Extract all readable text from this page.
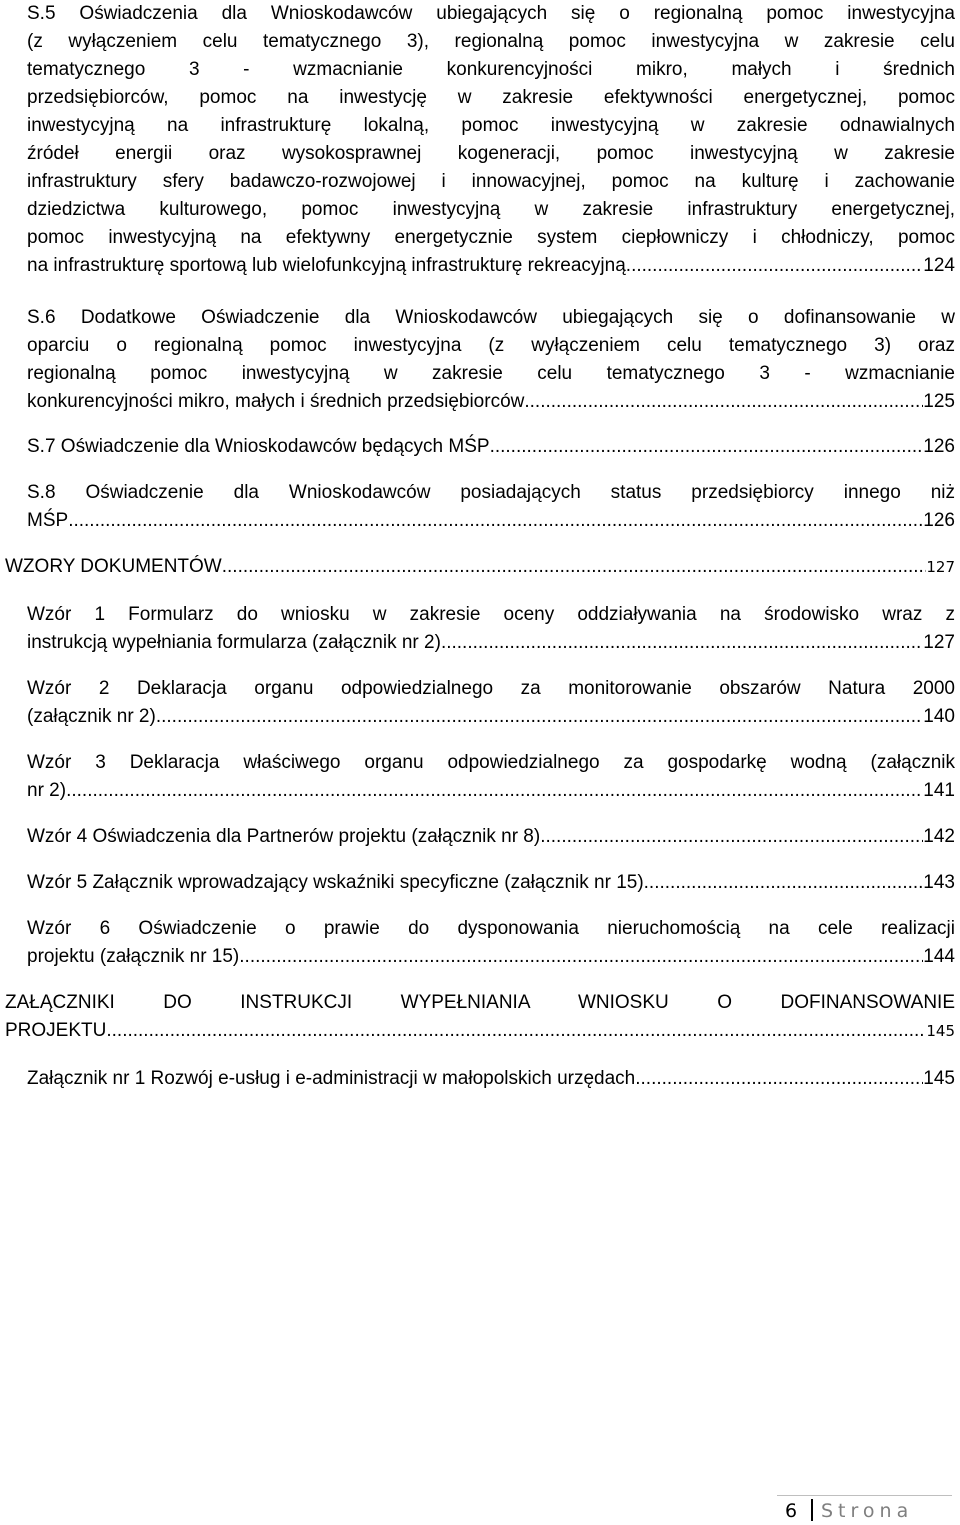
S.5 Oświadczenia dla Wnioskodawców ubiegających się o regionalną pomoc inwestycyjna
(z wyłączeniem celu tematycznego 3), regionalną pomoc inwestycyjna w zakresie celu
tematycznego 3 - wzmacnianie konkurencyjności mikro, małych i średnich
przedsiębiorców, pomoc na inwestycję w zakresie efektywności energetycznej, pomoc
inwestycyjną na infrastrukturę lokalną, pomoc inwestycyjną w zakresie odnawialnych
źródeł energii oraz wysokosprawnej kogeneracji, pomoc inwestycyjną w zakresie
infrastruktury sfery badawczo-rozwojowej i innowacyjnej, pomoc na kulturę i zachowanie
dziedzictwa kulturowego, pomoc inwestycyjną w zakresie infrastruktury energetycznej,
pomoc inwestycyjną na efektywny energetycznie system ciepłowniczy i chłodniczy, pomoc
na infrastrukturę sportową lub wielofunkcyjną infrastrukturę rekreacyjną. .....	124
S.6 Dodatkowe Oświadczenie dla Wnioskodawców ubiegających się o dofinansowanie w
oparciu o regionalną pomoc inwestycyjna (z wyłączeniem celu tematycznego 3) oraz
regionalną pomoc inwestycyjną w zakresie celu tematycznego 3 - wzmacnianie
konkurencyjności mikro, małych i średnich przedsiębiorców .....	125
S.7 Oświadczenie dla Wnioskodawców będących MŚP .....	126
S.8 Oświadczenie dla Wnioskodawców posiadających status przedsiębiorcy innego niż
MŚP .....	126
WZORY DOKUMENTÓW .....	127
Wzór 1 Formularz do wniosku w zakresie oceny oddziaływania na środowisko wraz z
instrukcją wypełniania formularza (załącznik nr 2) .....	127
Wzór 2 Deklaracja organu odpowiedzialnego za monitorowanie obszarów Natura 2000
(załącznik nr 2) .....	140
Wzór 3 Deklaracja właściwego organu odpowiedzialnego za gospodarkę wodną (załącznik
nr 2) .....	141
Wzór 4 Oświadczenia dla Partnerów projektu (załącznik nr 8) .....	142
Wzór 5 Załącznik wprowadzający wskaźniki specyficzne (załącznik nr 15) .....	143
Wzór 6 Oświadczenie o prawie do dysponowania nieruchomością na cele realizacji
projektu (załącznik nr 15) .....	144
ZAŁĄCZNIKI DO INSTRUKCJI WYPEŁNIANIA WNIOSKU O DOFINANSOWANIE
PROJEKTU .....	145
Załącznik nr 1 Rozwój e-usług i e-administracji w małopolskich urzędach .....	145
6 Strona
